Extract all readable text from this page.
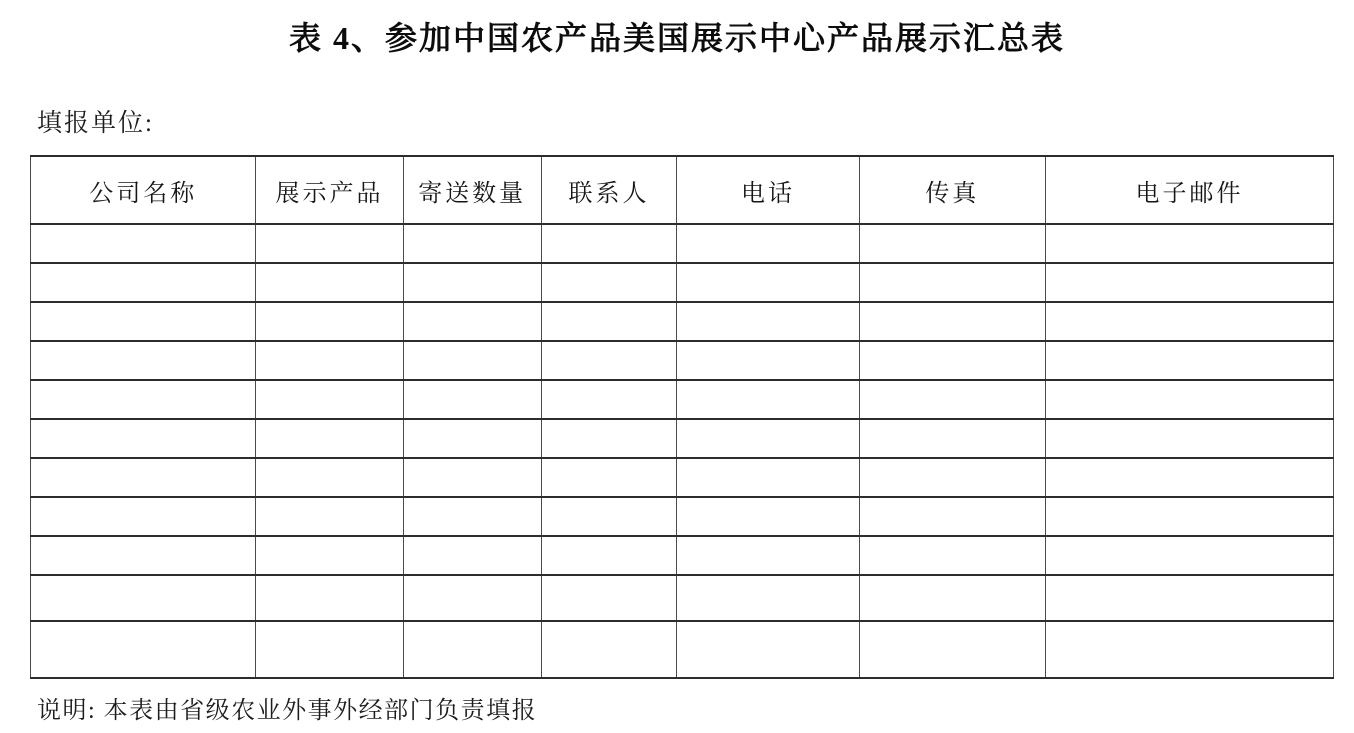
表 4、参加中国农产品美国展示中心产品展示汇总表
填报单位:
公司名称	展示产品	寄送数量	联系人	电话	传真	电子邮件

说明: 本表由省级农业外事外经部门负责填报
